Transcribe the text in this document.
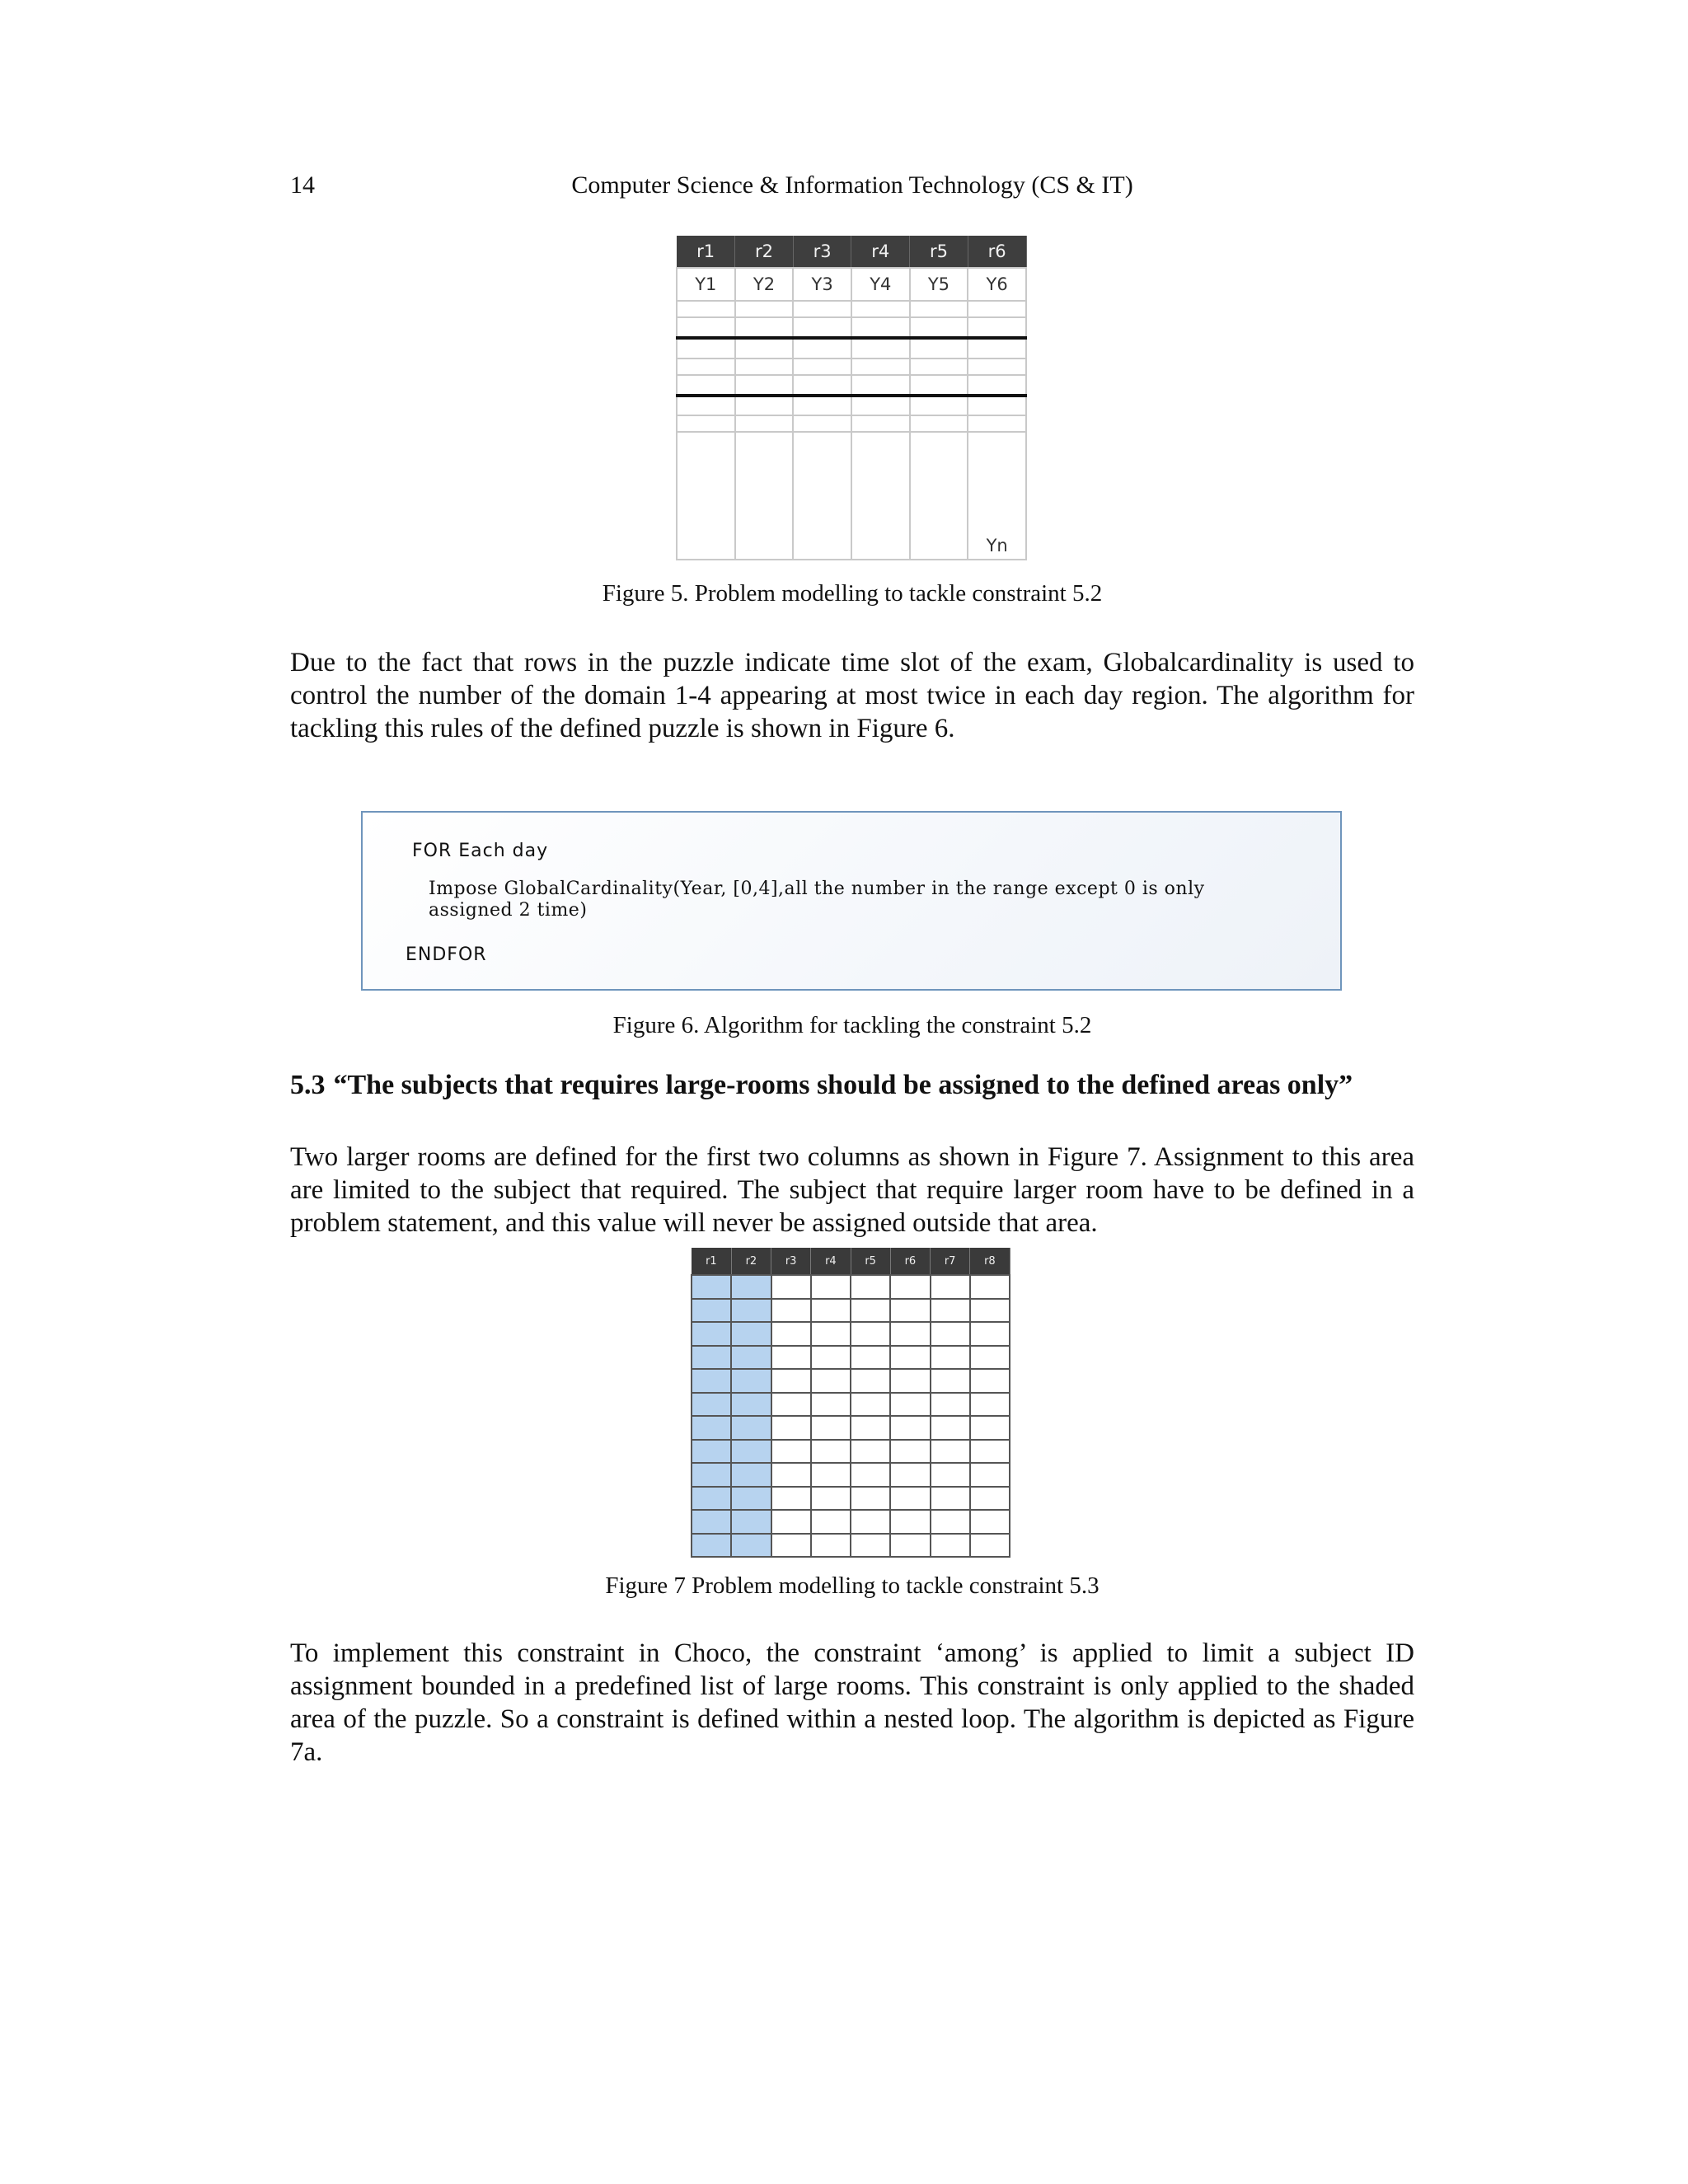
14	Computer Science & Information Technology (CS & IT)
r1	r2	r3	r4	r5	r6
Y1	Y2	Y3	Y4	Y5	Y6

					Yn
Figure 5. Problem modelling to tackle constraint 5.2

Due to the fact that rows in the puzzle indicate time slot of the exam, Globalcardinality is used to control the number of the domain 1-4 appearing at most twice in each day region. The algorithm for tackling this rules of the defined puzzle is shown in Figure 6.

FOR Each day
Impose GlobalCardinality(Year, [0,4],all the number in the range except 0 is only assigned 2 time)
ENDFOR
Figure 6. Algorithm for tackling the constraint 5.2
5.3 “The subjects that requires large-rooms should be assigned to the defined areas only”

Two larger rooms are defined for the first two columns as shown in Figure 7. Assignment to this area are limited to the subject that required. The subject that require larger room have to be defined in a problem statement, and this value will never be assigned outside that area.

r1	r2	r3	r4	r5	r6	r7	r8

Figure 7 Problem modelling to tackle constraint 5.3

To implement this constraint in Choco, the constraint ‘among’ is applied to limit a subject ID assignment bounded in a predefined list of large rooms. This constraint is only applied to the shaded area of the puzzle. So a constraint is defined within a nested loop. The algorithm is depicted as Figure 7a.
